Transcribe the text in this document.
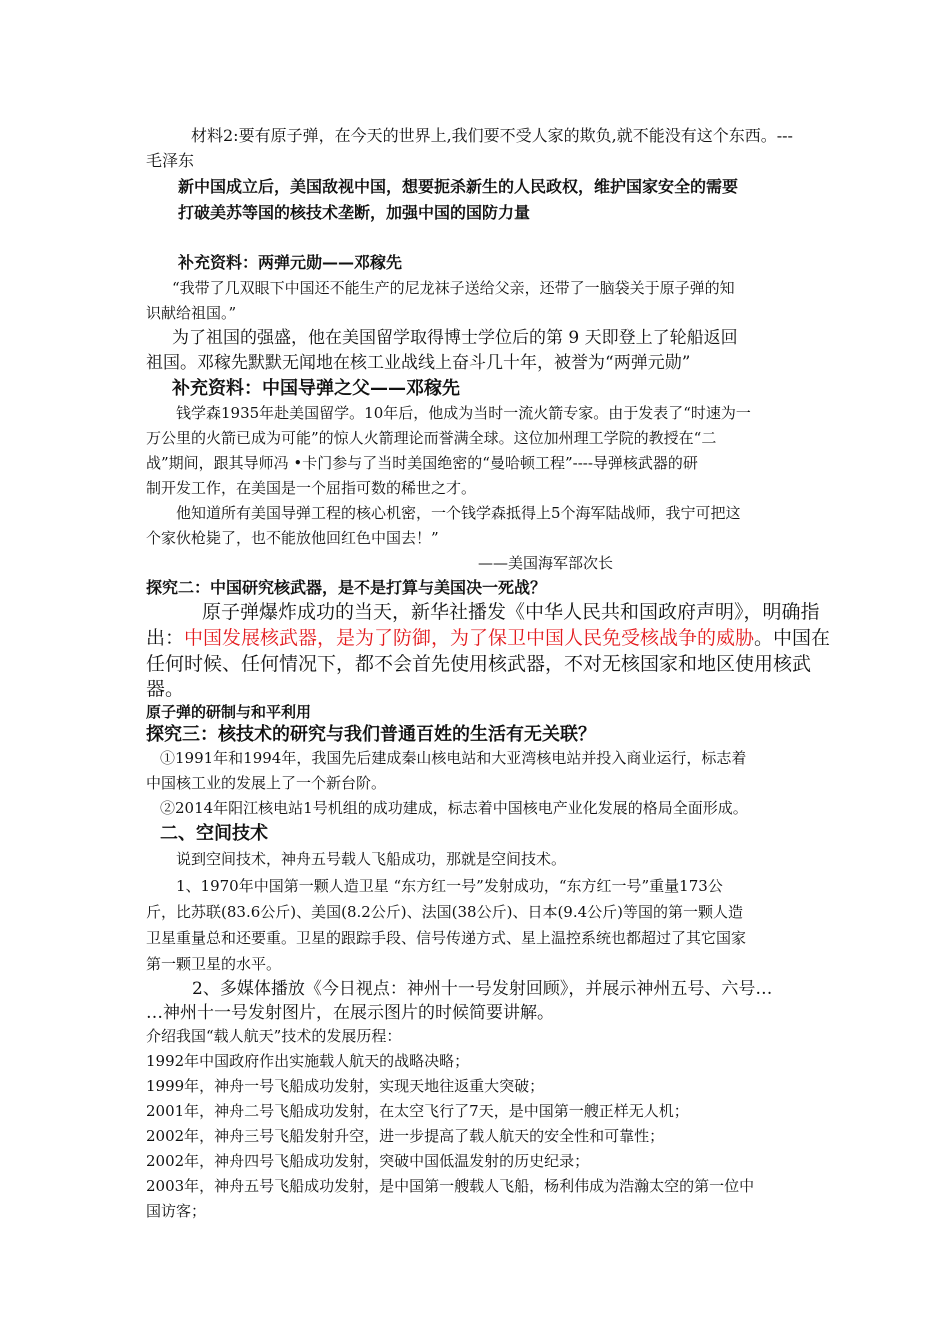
材料2:要有原子弹，在今天的世界上,我们要不受人家的欺负,就不能没有这个东西。---
毛泽东
新中国成立后，美国敌视中国，想要扼杀新生的人民政权，维护国家安全的需要
打破美苏等国的核技术垄断，加强中国的国防力量
补充资料：两弹元勋——邓稼先
“我带了几双眼下中国还不能生产的尼龙袜子送给父亲，还带了一脑袋关于原子弹的知
识献给祖国。”
为了祖国的强盛，他在美国留学取得博士学位后的第 9 天即登上了轮船返回
祖国。邓稼先默默无闻地在核工业战线上奋斗几十年，被誉为“两弹元勋”
补充资料：中国导弹之父——邓稼先
钱学森1935年赴美国留学。10年后，他成为当时一流火箭专家。由于发表了“时速为一
万公里的火箭已成为可能”的惊人火箭理论而誉满全球。这位加州理工学院的教授在“二
战”期间，跟其导师冯 •卡门参与了当时美国绝密的“曼哈顿工程”----导弹核武器的研
制开发工作，在美国是一个屈指可数的稀世之才。
他知道所有美国导弹工程的核心机密，一个钱学森抵得上5个海军陆战师，我宁可把这
个家伙枪毙了，也不能放他回红色中国去！”
——美国海军部次长
探究二：中国研究核武器，是不是打算与美国决一死战？
原子弹爆炸成功的当天，新华社播发《中华人民共和国政府声明》，明确指
出：中国发展核武器，是为了防御，为了保卫中国人民免受核战争的威胁。中国在
任何时候、任何情况下，都不会首先使用核武器，不对无核国家和地区使用核武
器。
原子弹的研制与和平利用
探究三：核技术的研究与我们普通百姓的生活有无关联？
①1991年和1994年，我国先后建成秦山核电站和大亚湾核电站并投入商业运行，标志着
中国核工业的发展上了一个新台阶。
②2014年阳江核电站1号机组的成功建成，标志着中国核电产业化发展的格局全面形成。
二、空间技术
说到空间技术，神舟五号载人飞船成功，那就是空间技术。
1、1970年中国第一颗人造卫星 “东方红一号”发射成功，“东方红一号”重量173公
斤，比苏联(83.6公斤)、美国(8.2公斤)、法国(38公斤)、日本(9.4公斤)等国的第一颗人造
卫星重量总和还要重。卫星的跟踪手段、信号传递方式、星上温控系统也都超过了其它国家
第一颗卫星的水平。
2、多媒体播放《今日视点：神州十一号发射回顾》，并展示神州五号、六号…
…神州十一号发射图片，在展示图片的时候简要讲解。
介绍我国“载人航天”技术的发展历程：
1992年中国政府作出实施载人航天的战略决略；
1999年，神舟一号飞船成功发射，实现天地往返重大突破；
2001年，神舟二号飞船成功发射，在太空飞行了7天，是中国第一艘正样无人机；
2002年，神舟三号飞船发射升空，进一步提高了载人航天的安全性和可靠性；
2002年，神舟四号飞船成功发射，突破中国低温发射的历史纪录；
2003年，神舟五号飞船成功发射，是中国第一艘载人飞船，杨利伟成为浩瀚太空的第一位中
国访客；
